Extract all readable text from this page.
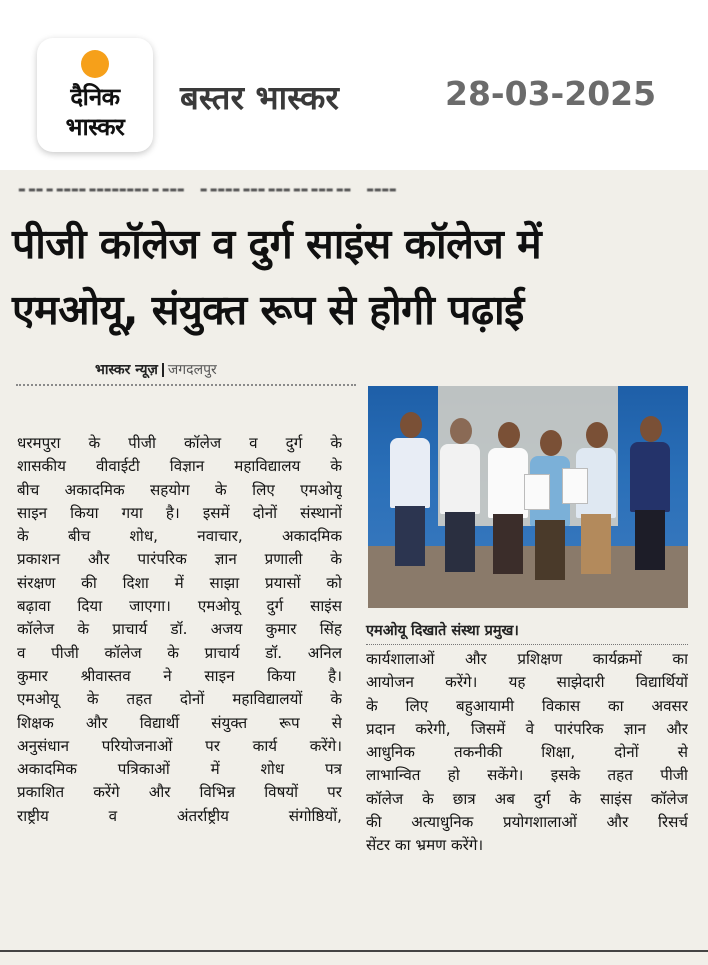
दैनिक
भास्कर
बस्तर भास्कर	28-03-2025
▬ ▬▬ ▬ ▬▬▬▬ ▬▬▬▬▬▬▬▬ ▬ ▬▬▬      ▬ ▬▬▬▬ ▬▬▬ ▬▬▬ ▬▬ ▬▬▬ ▬▬      ▬▬▬▬
पीजी कॉलेज व दुर्ग साइंस कॉलेज में
एमओयू, संयुक्त रूप से होगी पढ़ाई
भास्कर न्यूज़ जगदलपुर
धरमपुरा के पीजी कॉलेज व दुर्ग के
शासकीय वीवाईटी विज्ञान महाविद्यालय के
बीच अकादमिक सहयोग के लिए एमओयू
साइन किया गया है। इसमें दोनों संस्थानों
के बीच शोध, नवाचार, अकादमिक
प्रकाशन और पारंपरिक ज्ञान प्रणाली के
संरक्षण की दिशा में साझा प्रयासों को
बढ़ावा दिया जाएगा। एमओयू दुर्ग साइंस
कॉलेज के प्राचार्य डॉ. अजय कुमार सिंह
व पीजी कॉलेज के प्राचार्य डॉ. अनिल
कुमार श्रीवास्तव ने साइन किया है।
एमओयू के तहत दोनों महाविद्यालयों के
शिक्षक और विद्यार्थी संयुक्त रूप से
अनुसंधान परियोजनाओं पर कार्य करेंगे।
अकादमिक पत्रिकाओं में शोध पत्र
प्रकाशित करेंगे और विभिन्न विषयों पर
राष्ट्रीय व अंतर्राष्ट्रीय संगोष्ठियों,
एमओयू दिखाते संस्था प्रमुख।
कार्यशालाओं और प्रशिक्षण कार्यक्रमों का
आयोजन करेंगे। यह साझेदारी विद्यार्थियों
के लिए बहुआयामी विकास का अवसर
प्रदान करेगी, जिसमें वे पारंपरिक ज्ञान और
आधुनिक तकनीकी शिक्षा, दोनों से
लाभान्वित हो सकेंगे। इसके तहत पीजी
कॉलेज के छात्र अब दुर्ग के साइंस कॉलेज
की अत्याधुनिक प्रयोगशालाओं और रिसर्च
सेंटर का भ्रमण करेंगे।
